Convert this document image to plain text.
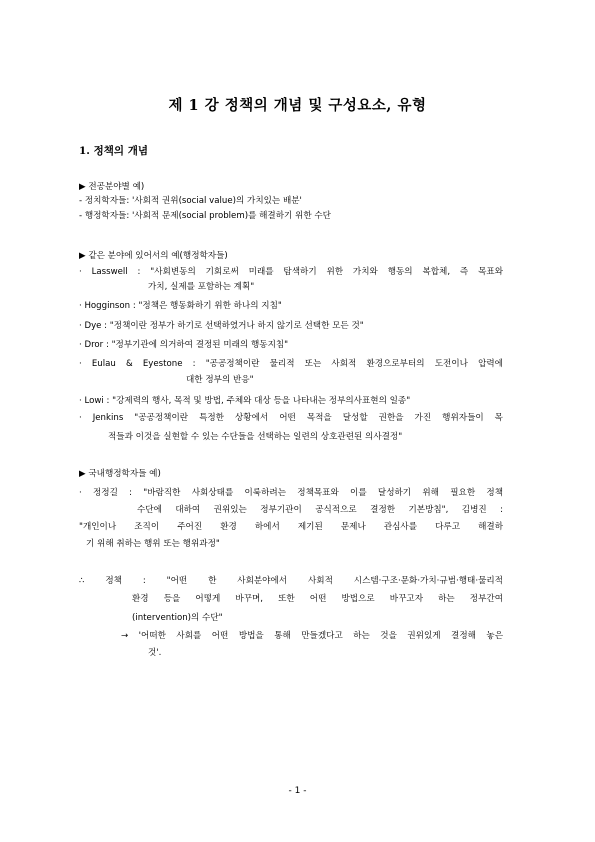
제 1 강 정책의 개념 및 구성요소, 유형
1. 정책의 개념
▶ 전공분야별 예)
- 정치학자들: '사회적 권위(social value)의 가치있는 배분'
- 행정학자들: '사회적 문제(social problem)를 해결하기 위한 수단
▶ 같은 분야에 있어서의 예(행정학자들)
· Lasswell : "사회변동의 기회로써 미래를 탐색하기 위한 가치와 행동의 복합체, 즉 목표와
가치, 실제를 포함하는 계획"
· Hogginson : "정책은 행동화하기 위한 하나의 지침"
· Dye : "정책이란 정부가 하기로 선택하였거나 하지 않기로 선택한 모든 것"
· Dror : "정부기관에 의거하여 결정된 미래의 행동지침"
· Eulau & Eyestone : "공공정책이란 물리적 또는 사회적 환경으로부터의 도전이나 압력에
대한 정부의 반응"
· Lowi : "강제력의 행사, 목적 및 방법, 주체와 대상 등을 나타내는 정부의사표현의 일종"
· Jenkins "공공정책이란 특정한 상황에서 어떤 목적을 달성할 권한을 가진 행위자들이 목
적들과 이것을 실현할 수 있는 수단들을 선택하는 일련의 상호관련된 의사결정"
▶ 국내행정학자들 예)
· 정정길 : "바람직한 사회상태를 이룩하려는 정책목표와 이를 달성하기 위해 필요한 정책
수단에 대하여 권위있는 정부기관이 공식적으로 결정한 기본방침", 김병진 :
"개인이나 조직이 주어진 환경 하에서 제기된 문제나 관심사를 다루고 해결하
기 위해 취하는 행위 또는 행위과정"
∴ 정책 : "어떤 한 사회분야에서 사회적 시스템·구조·문화·가치·규범·행태·물리적
환경 등을 어떻게 바꾸며, 또한 어떤 방법으로 바꾸고자 하는 정부간여
(intervention)의 수단"
→ '어떠한 사회를 어떤 방법을 통해 만들겠다고 하는 것을 권위있게 결정해 놓은
것'.
- 1 -
